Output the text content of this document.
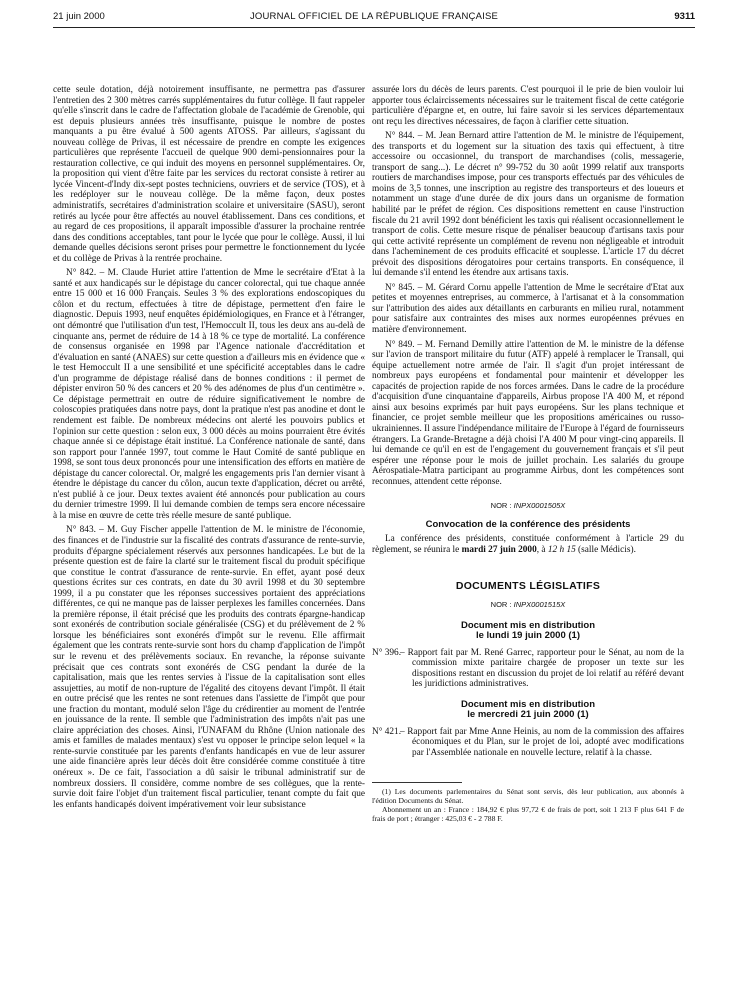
21 juin 2000	JOURNAL OFFICIEL DE LA RÉPUBLIQUE FRANÇAISE	9311

cette seule dotation, déjà notoirement insuffisante, ne permettra pas d'assurer l'entretien des 2 300 mètres carrés supplémentaires du futur collège. Il faut rappeler qu'elle s'inscrit dans le cadre de l'affectation globale de l'académie de Grenoble, qui est depuis plusieurs années très insuffisante, puisque le nombre de postes manquants a pu être évalué à 500 agents ATOSS. Par ailleurs, s'agissant du nouveau collège de Privas, il est nécessaire de prendre en compte les exigences particulières que représente l'accueil de quelque 900 demi-pensionnaires pour la restauration collective, ce qui induit des moyens en personnel supplémentaires. Or, la proposition qui vient d'être faite par les services du rectorat consiste à retirer au lycée Vincent-d'Indy dix-sept postes techniciens, ouvriers et de service (TOS), et à les redéployer sur le nouveau collège. De la même façon, deux postes administratifs, secrétaires d'administration scolaire et universitaire (SASU), seront retirés au lycée pour être affectés au nouvel établissement. Dans ces conditions, et au regard de ces propositions, il apparaît impossible d'assurer la prochaine rentrée dans des conditions acceptables, tant pour le lycée que pour le collège. Aussi, il lui demande quelles décisions seront prises pour permettre le fonctionnement du lycée et du collège de Privas à la rentrée prochaine.

N° 842. – M. Claude Huriet attire l'attention de Mme le secrétaire d'Etat à la santé et aux handicapés sur le dépistage du cancer colorectal, qui tue chaque année entre 15 000 et 16 000 Français. Seules 3 % des explorations endoscopiques du côlon et du rectum, effectuées à titre de dépistage, permettent d'en faire le diagnostic. Depuis 1993, neuf enquêtes épidémiologiques, en France et à l'étranger, ont démontré que l'utilisation d'un test, l'Hemoccult II, tous les deux ans au-delà de cinquante ans, permet de réduire de 14 à 18 % ce type de mortalité. La conférence de consensus organisée en 1998 par l'Agence nationale d'accréditation et d'évaluation en santé (ANAES) sur cette question a d'ailleurs mis en évidence que « le test Hemoccult II a une sensibilité et une spécificité acceptables dans le cadre d'un programme de dépistage réalisé dans de bonnes conditions : il permet de dépister environ 50 % des cancers et 20 % des adénomes de plus d'un centimètre ». Ce dépistage permettrait en outre de réduire significativement le nombre de coloscopies pratiquées dans notre pays, dont la pratique n'est pas anodine et dont le rendement est faible. De nombreux médecins ont alerté les pouvoirs publics et l'opinion sur cette question : selon eux, 3 000 décès au moins pourraient être évités chaque année si ce dépistage était institué. La Conférence nationale de santé, dans son rapport pour l'année 1997, tout comme le Haut Comité de santé publique en 1998, se sont tous deux prononcés pour une intensification des efforts en matière de dépistage du cancer colorectal. Or, malgré les engagements pris l'an dernier visant à étendre le dépistage du cancer du côlon, aucun texte d'application, décret ou arrêté, n'est publié à ce jour. Deux textes avaient été annoncés pour publication au cours du dernier trimestre 1999. Il lui demande combien de temps sera encore nécessaire à la mise en œuvre de cette très réelle mesure de santé publique.

N° 843. – M. Guy Fischer appelle l'attention de M. le ministre de l'économie, des finances et de l'industrie sur la fiscalité des contrats d'assurance de rente-survie, produits d'épargne spécialement réservés aux personnes handicapées. Le but de la présente question est de faire la clarté sur le traitement fiscal du produit spécifique que constitue le contrat d'assurance de rente-survie. En effet, ayant posé deux questions écrites sur ces contrats, en date du 30 avril 1998 et du 30 septembre 1999, il a pu constater que les réponses successives portaient des appréciations différentes, ce qui ne manque pas de laisser perplexes les familles concernées. Dans la première réponse, il était précisé que les produits des contrats épargne-handicap sont exonérés de contribution sociale généralisée (CSG) et du prélèvement de 2 % lorsque les bénéficiaires sont exonérés d'impôt sur le revenu. Elle affirmait également que les contrats rente-survie sont hors du champ d'application de l'impôt sur le revenu et des prélèvements sociaux. En revanche, la réponse suivante précisait que ces contrats sont exonérés de CSG pendant la durée de la capitalisation, mais que les rentes servies à l'issue de la capitalisation sont elles assujetties, au motif de non-rupture de l'égalité des citoyens devant l'impôt. Il était en outre précisé que les rentes ne sont retenues dans l'assiette de l'impôt que pour une fraction du montant, modulé selon l'âge du crédirentier au moment de l'entrée en jouissance de la rente. Il semble que l'administration des impôts n'ait pas une claire appréciation des choses. Ainsi, l'UNAFAM du Rhône (Union nationale des amis et familles de malades mentaux) s'est vu opposer le principe selon lequel « la rente-survie constituée par les parents d'enfants handicapés en vue de leur assurer une aide financière après leur décès doit être considérée comme constituée à titre onéreux ». De ce fait, l'association a dû saisir le tribunal administratif sur de nombreux dossiers. Il considère, comme nombre de ses collègues, que la rente-survie doit faire l'objet d'un traitement fiscal particulier, tenant compte du fait que les enfants handicapés doivent impérativement voir leur subsistance

assurée lors du décès de leurs parents. C'est pourquoi il le prie de bien vouloir lui apporter tous éclaircissements nécessaires sur le traitement fiscal de cette catégorie particulière d'épargne et, en outre, lui faire savoir si les services départementaux ont reçu les directives nécessaires, de façon à clarifier cette situation.

N° 844. – M. Jean Bernard attire l'attention de M. le ministre de l'équipement, des transports et du logement sur la situation des taxis qui effectuent, à titre accessoire ou occasionnel, du transport de marchandises (colis, messagerie, transport de sang...). Le décret n° 99-752 du 30 août 1999 relatif aux transports routiers de marchandises impose, pour ces transports effectués par des véhicules de moins de 3,5 tonnes, une inscription au registre des transporteurs et des loueurs et notamment un stage d'une durée de dix jours dans un organisme de formation habilité par le préfet de région. Ces dispositions remettent en cause l'instruction fiscale du 21 avril 1992 dont bénéficient les taxis qui réalisent occasionnellement le transport de colis. Cette mesure risque de pénaliser beaucoup d'artisans taxis pour qui cette activité représente un complément de revenu non négligeable et introduit dans l'acheminement de ces produits efficacité et souplesse. L'article 17 du décret prévoit des dispositions dérogatoires pour certains transports. En conséquence, il lui demande s'il entend les étendre aux artisans taxis.

N° 845. – M. Gérard Cornu appelle l'attention de Mme le secrétaire d'Etat aux petites et moyennes entreprises, au commerce, à l'artisanat et à la consommation sur l'attribution des aides aux détaillants en carburants en milieu rural, notamment pour satisfaire aux contraintes des mises aux normes européennes prévues en matière d'environnement.

N° 849. – M. Fernand Demilly attire l'attention de M. le ministre de la défense sur l'avion de transport militaire du futur (ATF) appelé à remplacer le Transall, qui équipe actuellement notre armée de l'air. Il s'agit d'un projet intéressant de nombreux pays européens et fondamental pour maintenir et développer les capacités de projection rapide de nos forces armées. Dans le cadre de la procédure d'acquisition d'une cinquantaine d'appareils, Airbus propose l'A 400 M, et répond ainsi aux besoins exprimés par huit pays européens. Sur les plans technique et financier, ce projet semble meilleur que les propositions américaines ou russo-ukrainiennes. Il assure l'indépendance militaire de l'Europe à l'égard de fournisseurs étrangers. La Grande-Bretagne a déjà choisi l'A 400 M pour vingt-cinq appareils. Il lui demande ce qu'il en est de l'engagement du gouvernement français et s'il peut espérer une réponse pour le mois de juillet prochain. Les salariés du groupe Aérospatiale-Matra participant au programme Airbus, dont les compétences sont reconnues, attendent cette réponse.

NOR : INPX0001505X
Convocation de la conférence des présidents

La conférence des présidents, constituée conformément à l'article 29 du règlement, se réunira le mardi 27 juin 2000, à 12 h 15 (salle Médicis).

DOCUMENTS LÉGISLATIFS
NOR : INPX0001515X
Document mis en distribution
le lundi 19 juin 2000 (1)
N° 396.
– Rapport fait par M. René Garrec, rapporteur pour le Sénat, au nom de la commission mixte paritaire chargée de proposer un texte sur les dispositions restant en discussion du projet de loi relatif au référé devant les juridictions administratives.
Document mis en distribution
le mercredi 21 juin 2000 (1)
N° 421.
– Rapport fait par Mme Anne Heinis, au nom de la commission des affaires économiques et du Plan, sur le projet de loi, adopté avec modifications par l'Assemblée nationale en nouvelle lecture, relatif à la chasse.

(1) Les documents parlementaires du Sénat sont servis, dès leur publication, aux abonnés à l'édition Documents du Sénat.

Abonnement un an : France : 184,92 € plus 97,72 € de frais de port, soit 1 213 F plus 641 F de frais de port ; étranger : 425,03 € - 2 788 F.
